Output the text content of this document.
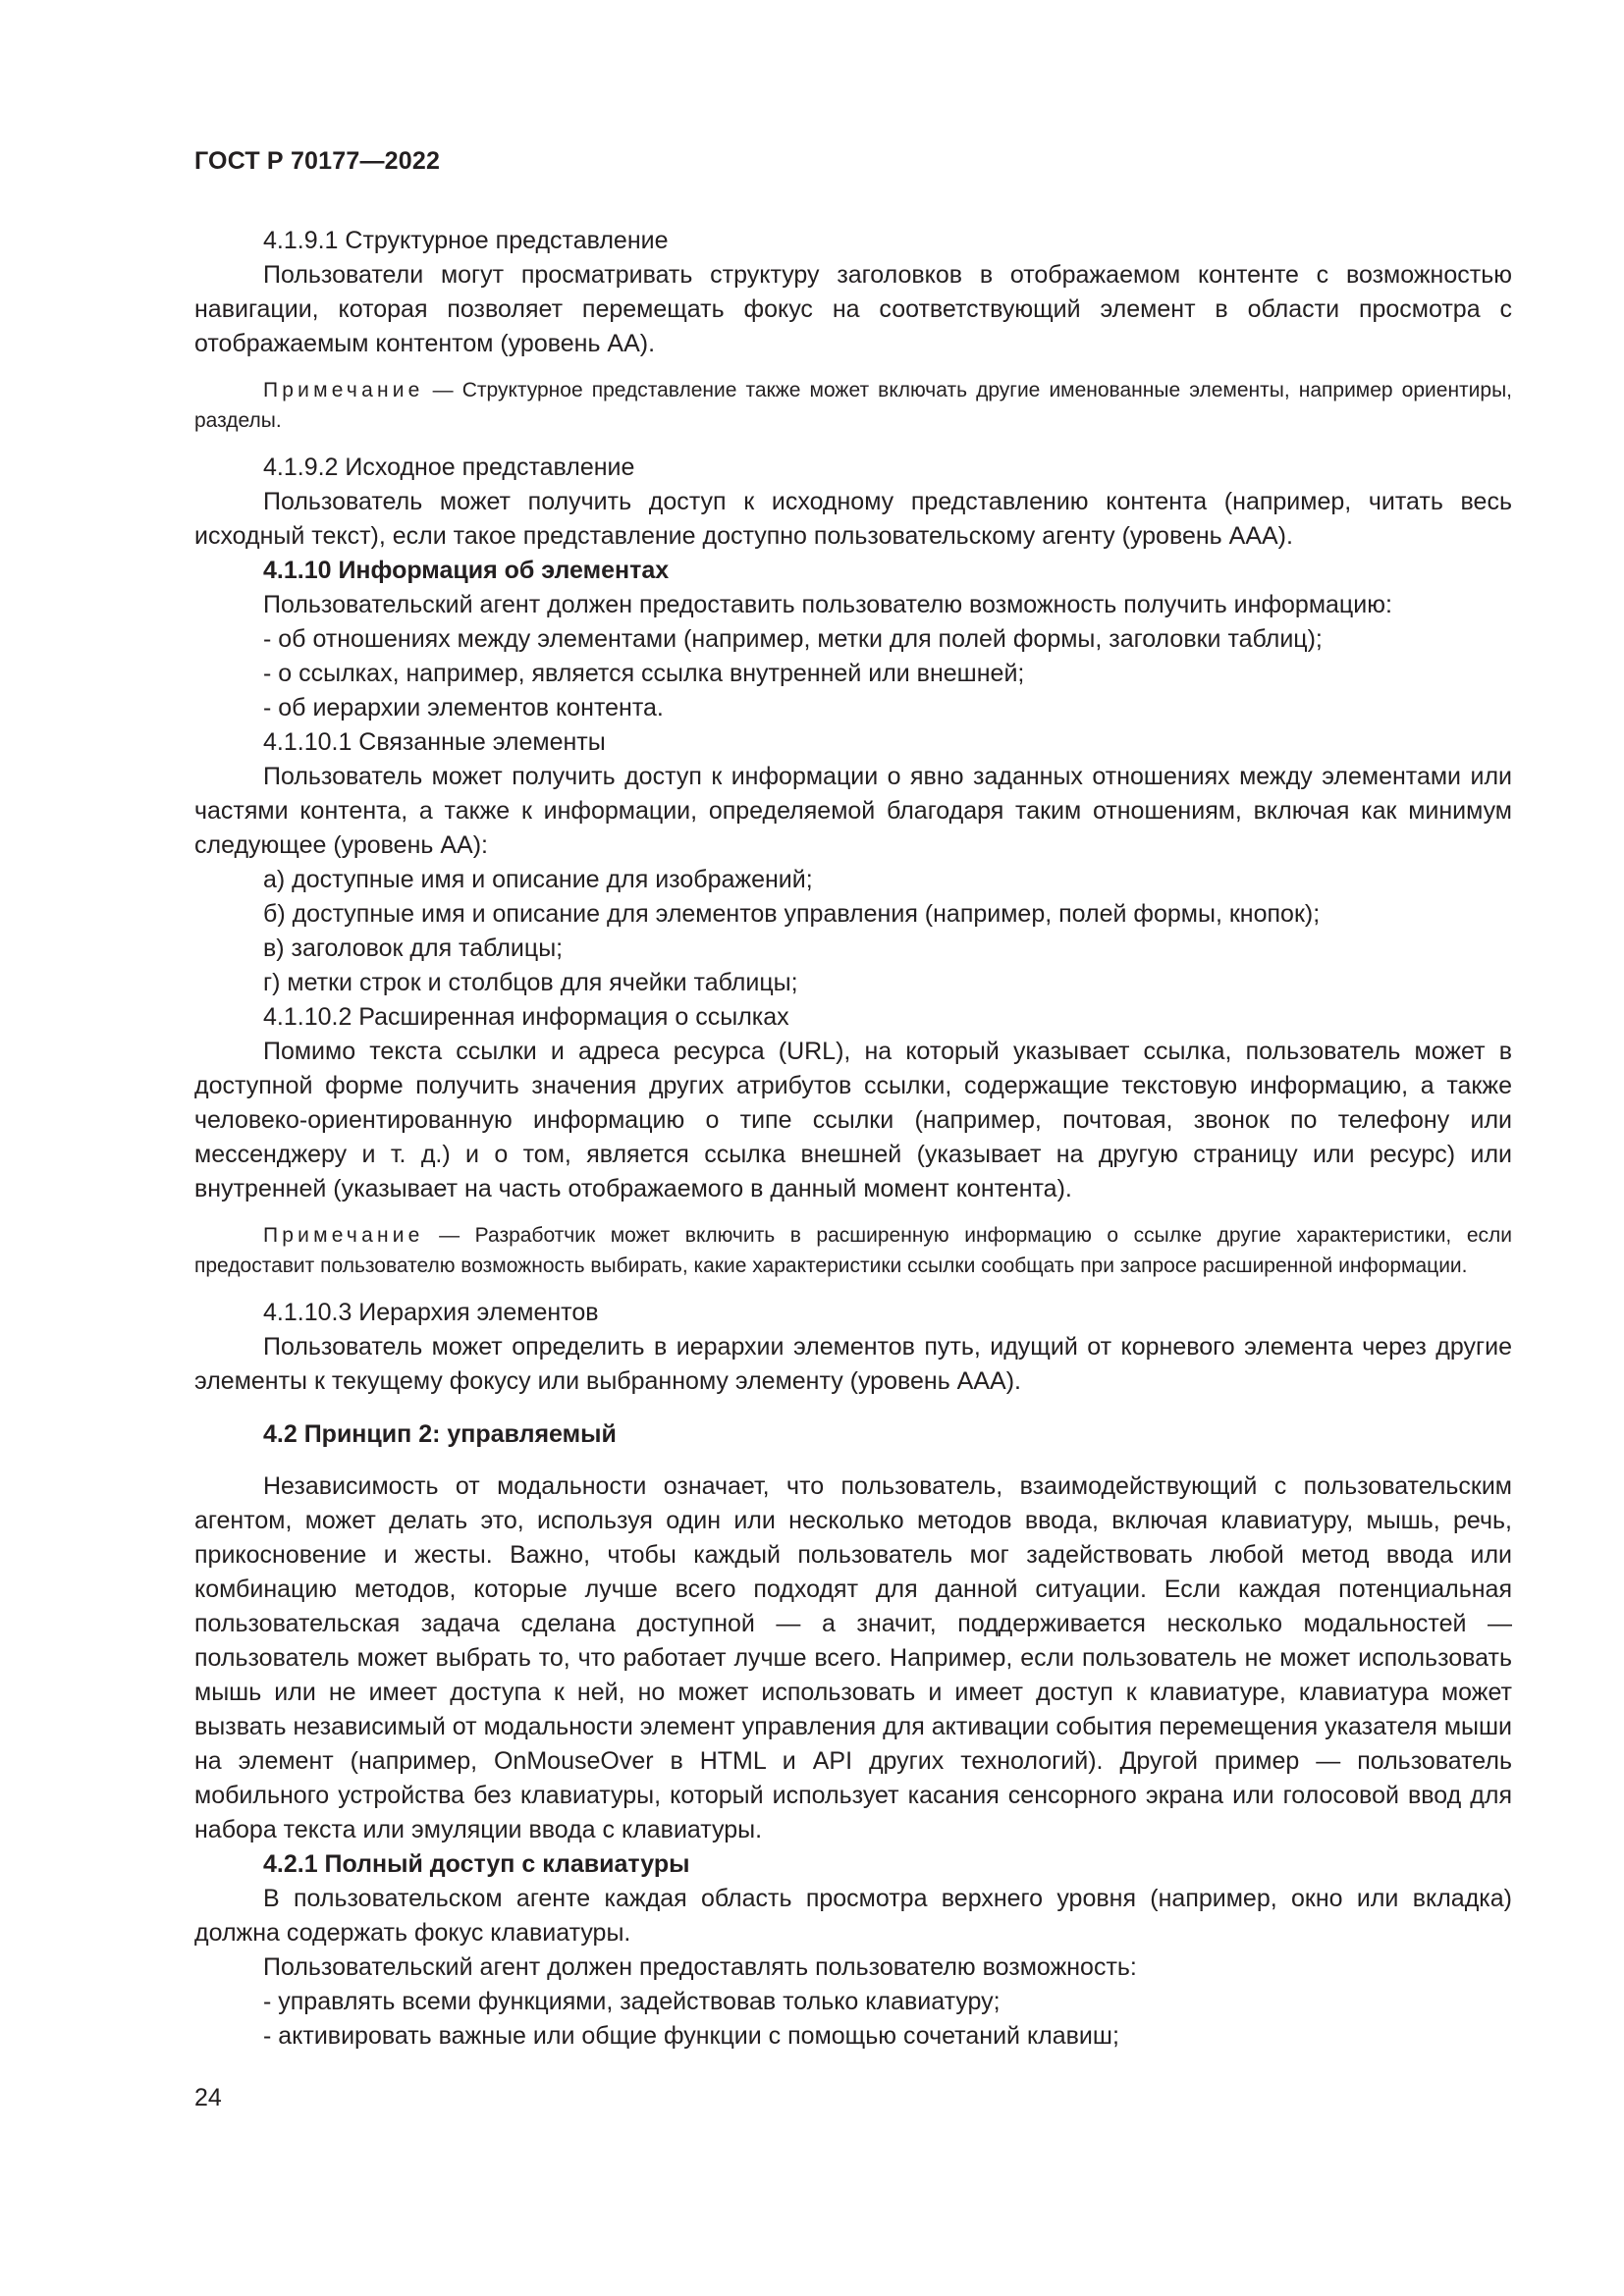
ГОСТ Р 70177—2022

4.1.9.1 Структурное представление

Пользователи могут просматривать структуру заголовков в отображаемом контенте с возможностью навигации, которая позволяет перемещать фокус на соответствующий элемент в области просмотра с отображаемым контентом (уровень АА).

Примечание — Структурное представление также может включать другие именованные элементы, например ориентиры, разделы.

4.1.9.2 Исходное представление

Пользователь может получить доступ к исходному представлению контента (например, читать весь исходный текст), если такое представление доступно пользовательскому агенту (уровень ААА).

4.1.10 Информация об элементах

Пользовательский агент должен предоставить пользователю возможность получить информацию:

- об отношениях между элементами (например, метки для полей формы, заголовки таблиц);

- о ссылках, например, является ссылка внутренней или внешней;

- об иерархии элементов контента.

4.1.10.1 Связанные элементы

Пользователь может получить доступ к информации о явно заданных отношениях между элементами или частями контента, а также к информации, определяемой благодаря таким отношениям, включая как минимум следующее (уровень АА):

а) доступные имя и описание для изображений;

б) доступные имя и описание для элементов управления (например, полей формы, кнопок);

в) заголовок для таблицы;

г) метки строк и столбцов для ячейки таблицы;

4.1.10.2 Расширенная информация о ссылках

Помимо текста ссылки и адреса ресурса (URL), на который указывает ссылка, пользователь может в доступной форме получить значения других атрибутов ссылки, содержащие текстовую информацию, а также человеко-ориентированную информацию о типе ссылки (например, почтовая, звонок по телефону или мессенджеру и т. д.) и о том, является ссылка внешней (указывает на другую страницу или ресурс) или внутренней (указывает на часть отображаемого в данный момент контента).

Примечание — Разработчик может включить в расширенную информацию о ссылке другие характеристики, если предоставит пользователю возможность выбирать, какие характеристики ссылки сообщать при запросе расширенной информации.

4.1.10.3 Иерархия элементов

Пользователь может определить в иерархии элементов путь, идущий от корневого элемента через другие элементы к текущему фокусу или выбранному элементу (уровень ААА).

4.2 Принцип 2: управляемый

Независимость от модальности означает, что пользователь, взаимодействующий с пользовательским агентом, может делать это, используя один или несколько методов ввода, включая клавиатуру, мышь, речь, прикосновение и жесты. Важно, чтобы каждый пользователь мог задействовать любой метод ввода или комбинацию методов, которые лучше всего подходят для данной ситуации. Если каждая потенциальная пользовательская задача сделана доступной — а значит, поддерживается несколько модальностей — пользователь может выбрать то, что работает лучше всего. Например, если пользователь не может использовать мышь или не имеет доступа к ней, но может использовать и имеет доступ к клавиатуре, клавиатура может вызвать независимый от модальности элемент управления для активации события перемещения указателя мыши на элемент (например, OnMouseOver в HTML и API других технологий). Другой пример — пользователь мобильного устройства без клавиатуры, который использует касания сенсорного экрана или голосовой ввод для набора текста или эмуляции ввода с клавиатуры.

4.2.1 Полный доступ с клавиатуры

В пользовательском агенте каждая область просмотра верхнего уровня (например, окно или вкладка) должна содержать фокус клавиатуры.

Пользовательский агент должен предоставлять пользователю возможность:

- управлять всеми функциями, задействовав только клавиатуру;

- активировать важные или общие функции с помощью сочетаний клавиш;

24
